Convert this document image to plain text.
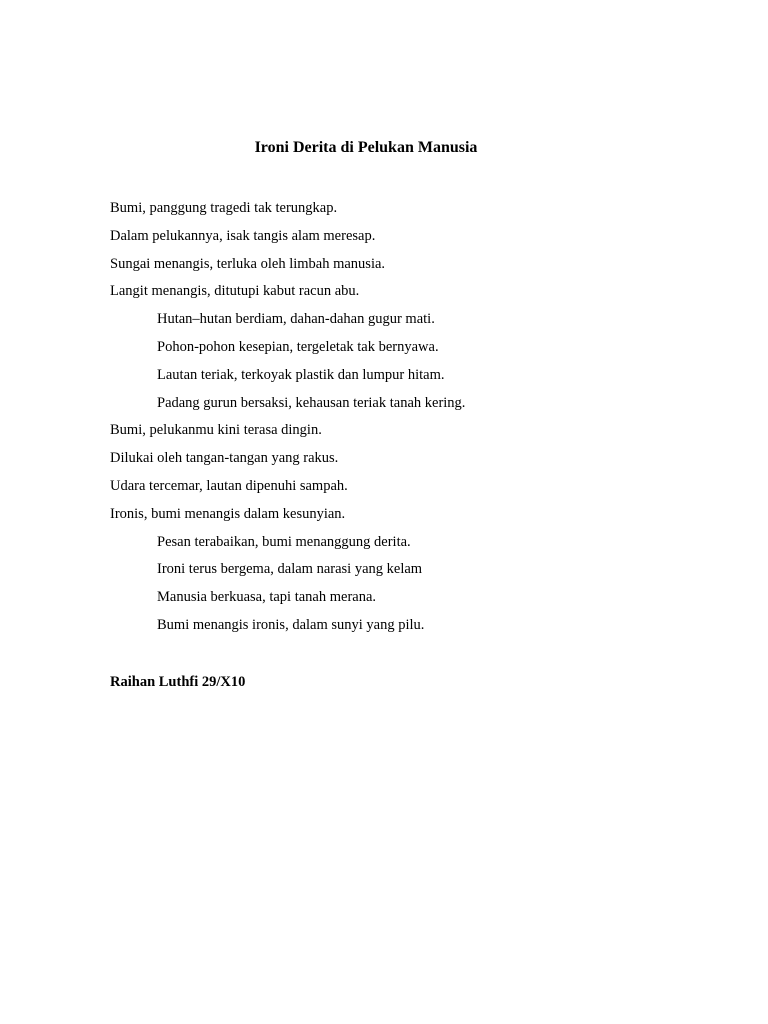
Ironi Derita di Pelukan Manusia
Bumi, panggung tragedi tak terungkap.
Dalam pelukannya, isak tangis alam meresap.
Sungai menangis, terluka oleh limbah manusia.
Langit menangis, ditutupi kabut racun abu.
Hutan–hutan berdiam, dahan-dahan gugur mati.
Pohon-pohon kesepian, tergeletak tak bernyawa.
Lautan teriak, terkoyak plastik dan lumpur hitam.
Padang gurun bersaksi, kehausan teriak tanah kering.
Bumi, pelukanmu kini terasa dingin.
Dilukai oleh tangan-tangan yang rakus.
Udara tercemar, lautan dipenuhi sampah.
Ironis, bumi menangis dalam kesunyian.
Pesan terabaikan, bumi menanggung derita.
Ironi terus bergema, dalam narasi yang kelam
Manusia berkuasa, tapi tanah merana.
Bumi menangis ironis, dalam sunyi yang pilu.
Raihan Luthfi 29/X10
